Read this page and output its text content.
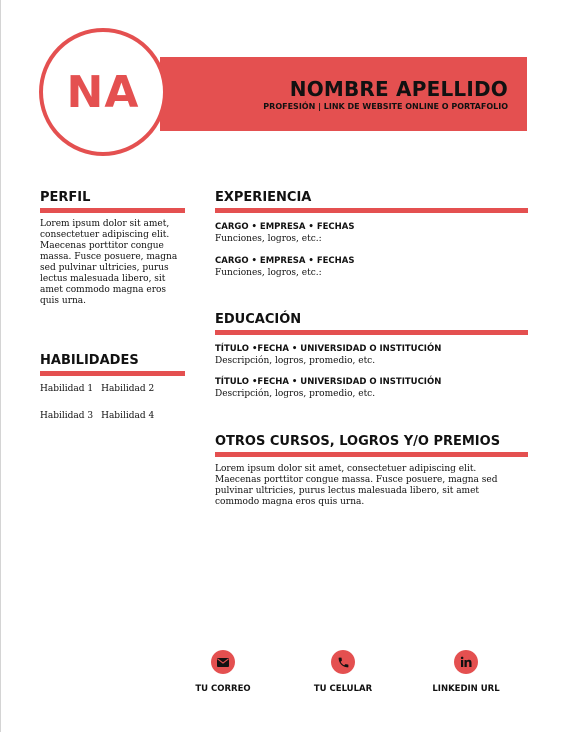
NOMBRE APELLIDO
PROFESIÓN | LINK DE WEBSITE ONLINE O PORTAFOLIO
NA
PERFIL
Lorem ipsum dolor sit amet, consectetuer adipiscing elit. Maecenas porttitor congue massa. Fusce posuere, magna sed pulvinar ultricies, purus lectus malesuada libero, sit amet commodo magna eros quis urna.
HABILIDADES
Habilidad 1 Habilidad 2
Habilidad 3 Habilidad 4
EXPERIENCIA
CARGO • EMPRESA • FECHAS
Funciones, logros, etc.:
CARGO • EMPRESA • FECHAS
Funciones, logros, etc.:
EDUCACIÓN
TÍTULO •FECHA • UNIVERSIDAD O INSTITUCIÓN
Descripción, logros, promedio, etc.
TÍTULO •FECHA • UNIVERSIDAD O INSTITUCIÓN
Descripción, logros, promedio, etc.
OTROS CURSOS, LOGROS Y/O PREMIOS
Lorem ipsum dolor sit amet, consectetuer adipiscing elit. Maecenas porttitor congue massa. Fusce posuere, magna sed pulvinar ultricies, purus lectus malesuada libero, sit amet commodo magna eros quis urna.
TU CORREO	TU CELULAR	LINKEDIN URL
